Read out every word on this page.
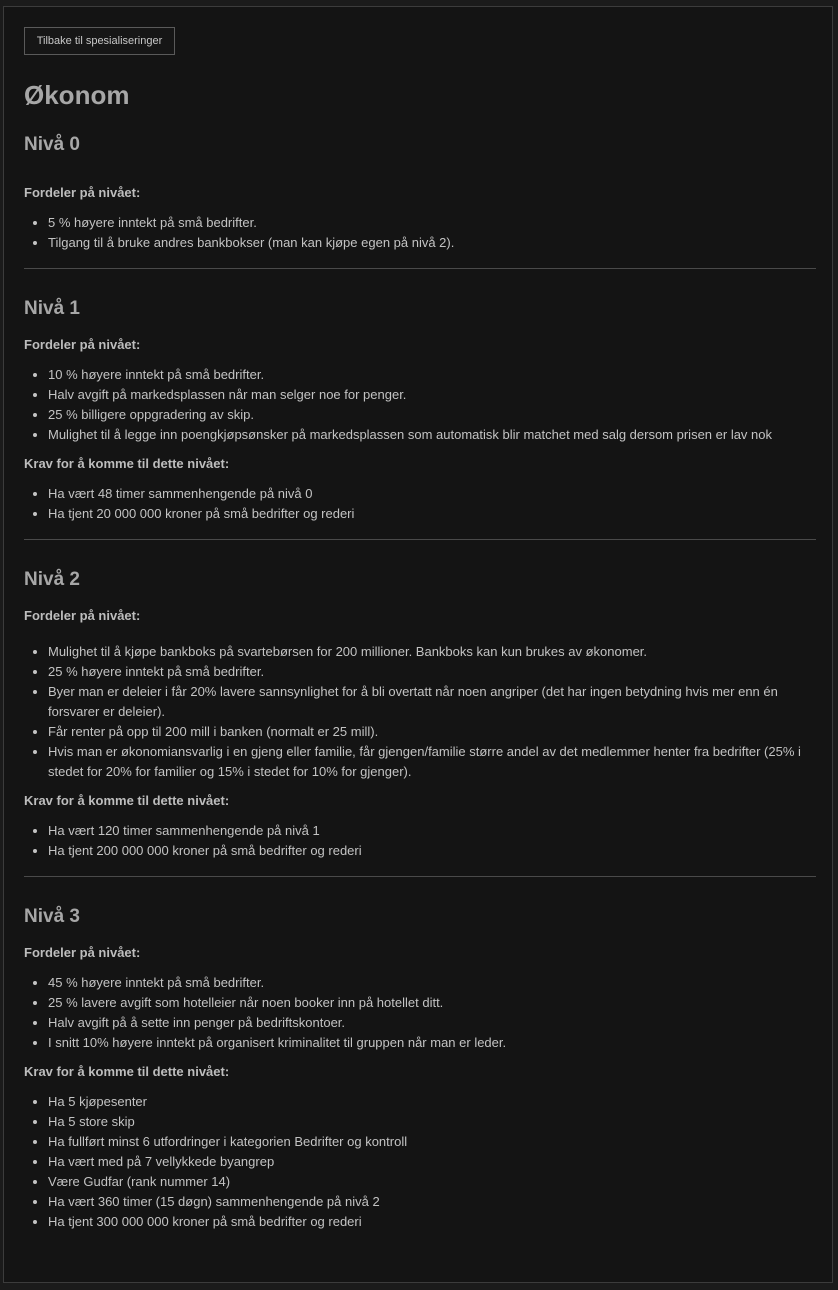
Tilbake til spesialiseringer
Økonom
Nivå 0
Fordeler på nivået:
• 5 % høyere inntekt på små bedrifter.
• Tilgang til å bruke andres bankbokser (man kan kjøpe egen på nivå 2).
Nivå 1
Fordeler på nivået:
• 10 % høyere inntekt på små bedrifter.
• Halv avgift på markedsplassen når man selger noe for penger.
• 25 % billigere oppgradering av skip.
• Mulighet til å legge inn poengkjøpsønsker på markedsplassen som automatisk blir matchet med salg dersom prisen er lav nok
Krav for å komme til dette nivået:
• Ha vært 48 timer sammenhengende på nivå 0
• Ha tjent 20 000 000 kroner på små bedrifter og rederi
Nivå 2
Fordeler på nivået:
• Mulighet til å kjøpe bankboks på svartebørsen for 200 millioner. Bankboks kan kun brukes av økonomer.
• 25 % høyere inntekt på små bedrifter.
• Byer man er deleier i får 20% lavere sannsynlighet for å bli overtatt når noen angriper (det har ingen betydning hvis mer enn én forsvarer er deleier).
• Får renter på opp til 200 mill i banken (normalt er 25 mill).
• Hvis man er økonomiansvarlig i en gjeng eller familie, får gjengen/familie større andel av det medlemmer henter fra bedrifter (25% i stedet for 20% for familier og 15% i stedet for 10% for gjenger).
Krav for å komme til dette nivået:
• Ha vært 120 timer sammenhengende på nivå 1
• Ha tjent 200 000 000 kroner på små bedrifter og rederi
Nivå 3
Fordeler på nivået:
• 45 % høyere inntekt på små bedrifter.
• 25 % lavere avgift som hotelleier når noen booker inn på hotellet ditt.
• Halv avgift på å sette inn penger på bedriftskontoer.
• I snitt 10% høyere inntekt på organisert kriminalitet til gruppen når man er leder.
Krav for å komme til dette nivået:
• Ha 5 kjøpesenter
• Ha 5 store skip
• Ha fullført minst 6 utfordringer i kategorien Bedrifter og kontroll
• Ha vært med på 7 vellykkede byangrep
• Være Gudfar (rank nummer 14)
• Ha vært 360 timer (15 døgn) sammenhengende på nivå 2
• Ha tjent 300 000 000 kroner på små bedrifter og rederi
